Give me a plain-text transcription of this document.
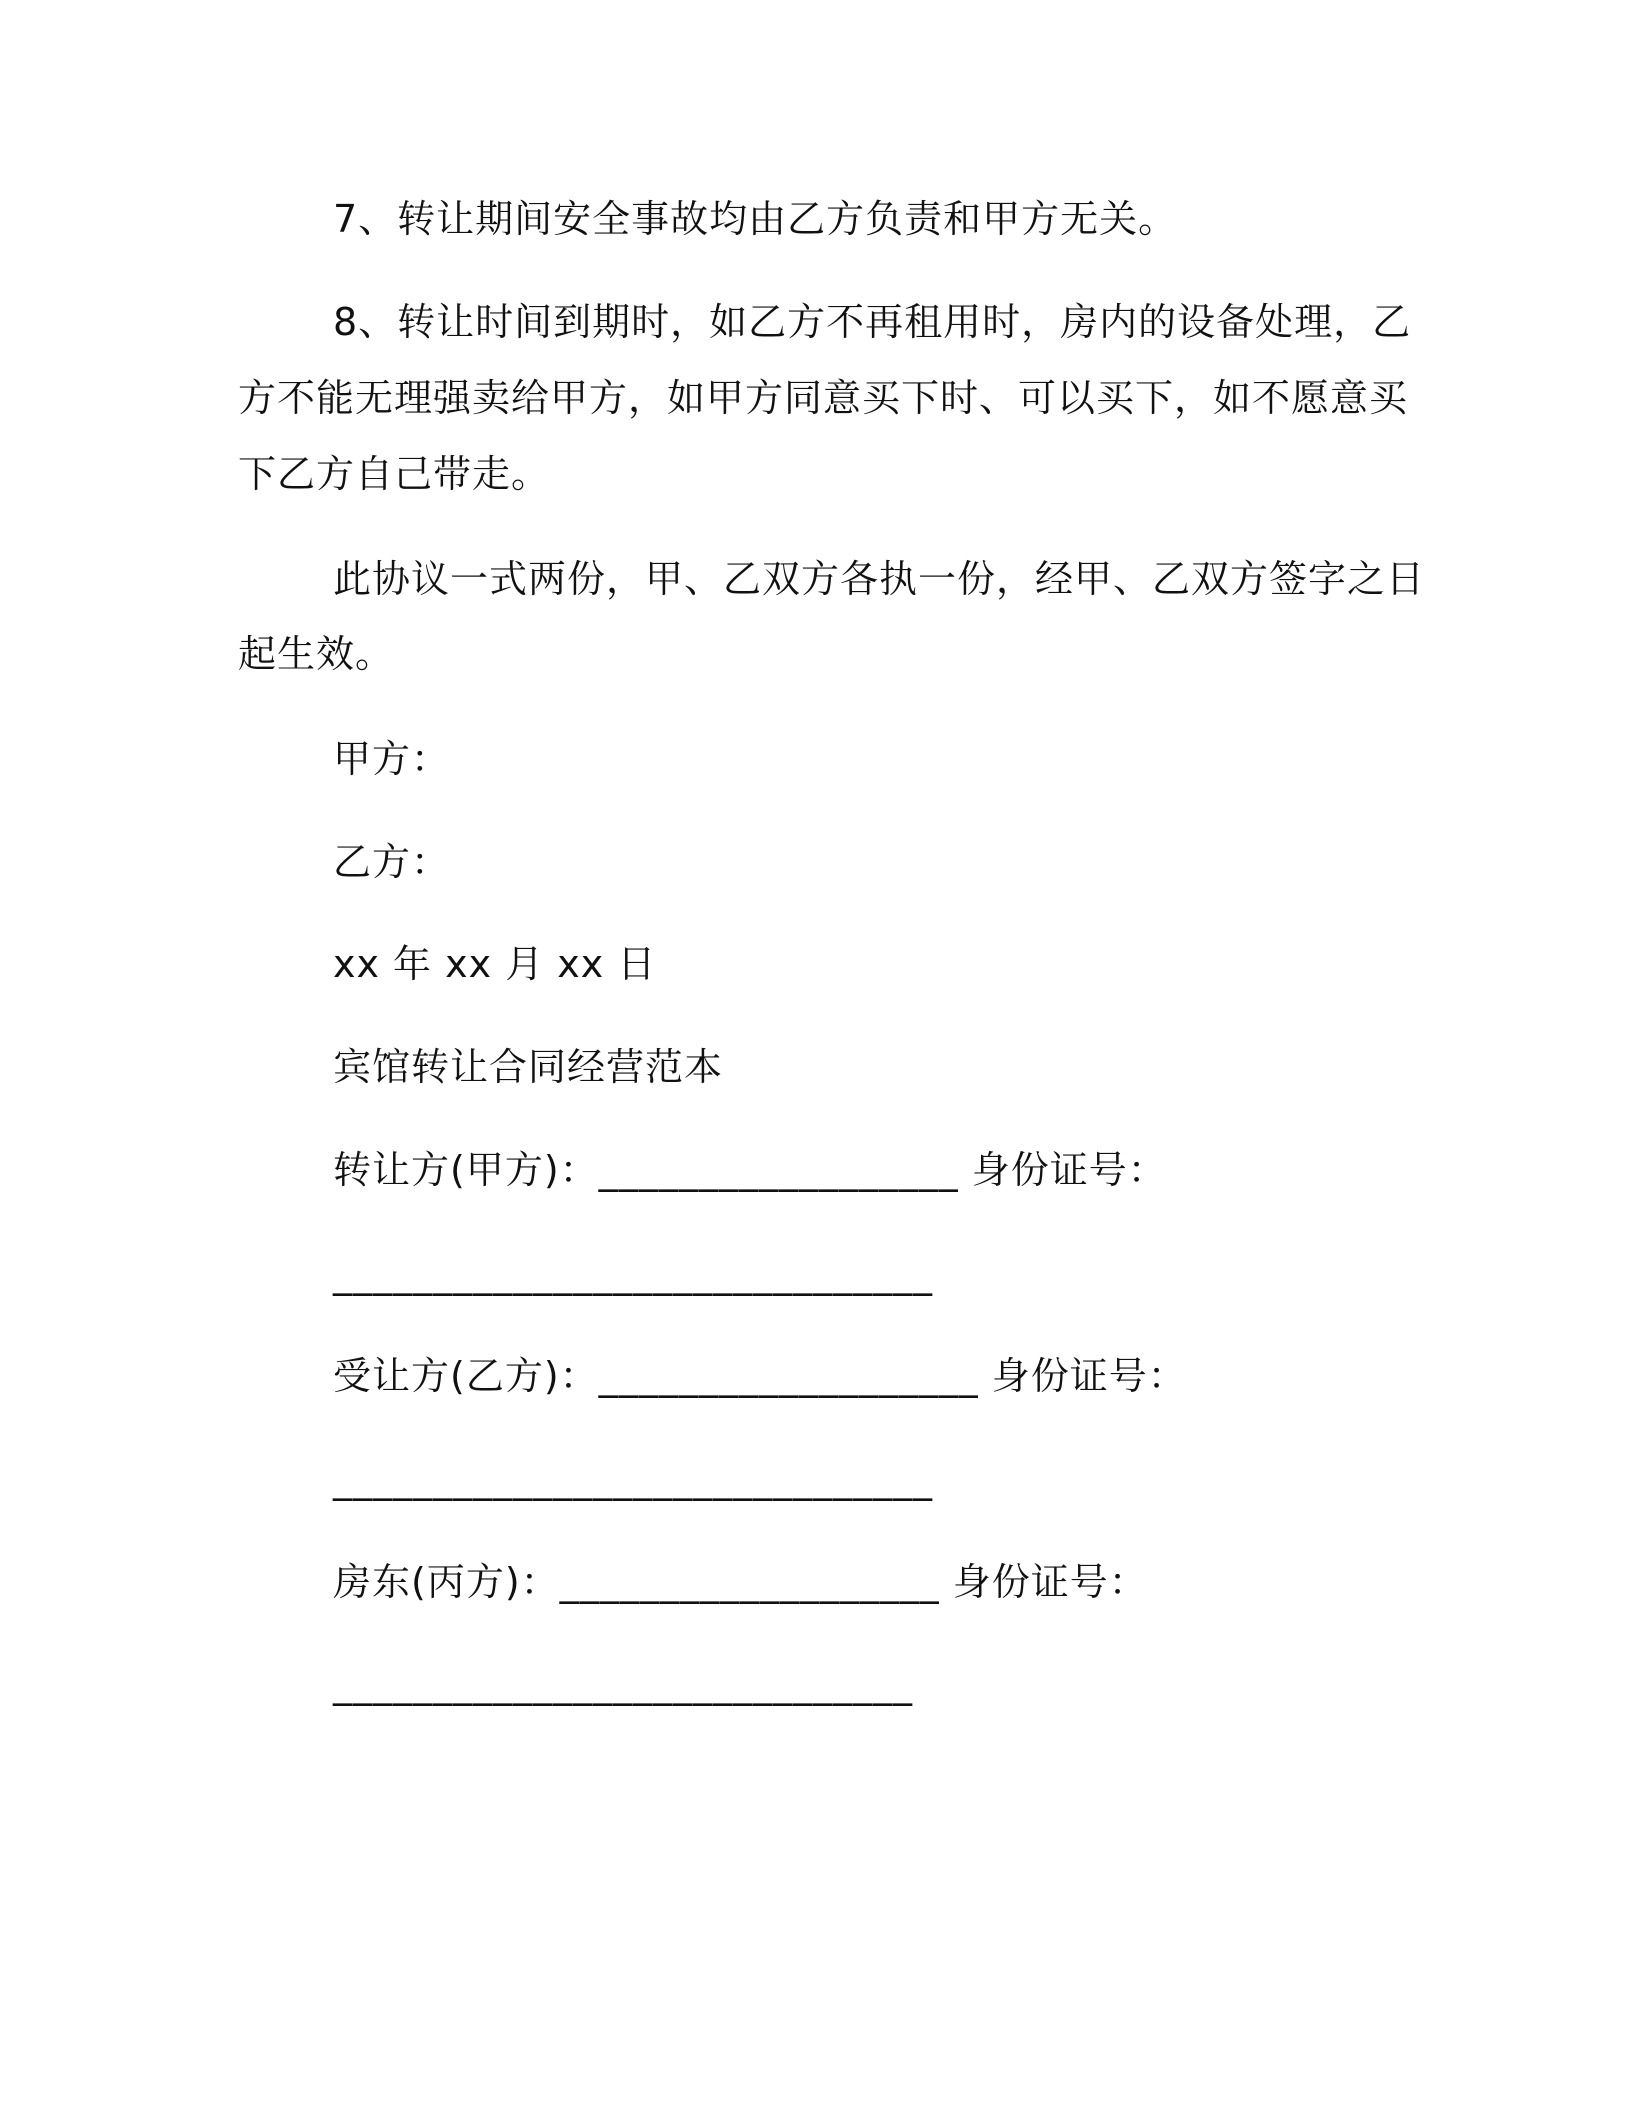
7、转让期间安全事故均由乙方负责和甲方无关。
8、转让时间到期时，如乙方不再租用时，房内的设备处理，乙
方不能无理强卖给甲方，如甲方同意买下时、可以买下，如不愿意买
下乙方自己带走。
此协议一式两份，甲、乙双方各执一份，经甲、乙双方签字之日
起生效。
甲方：
乙方：
xx 年 xx 月 xx 日
宾馆转让合同经营范本
转让方(甲方)：__________________ 身份证号：
______________________________
受让方(乙方)：___________________ 身份证号：
______________________________
房东(丙方)：___________________ 身份证号：
_____________________________
